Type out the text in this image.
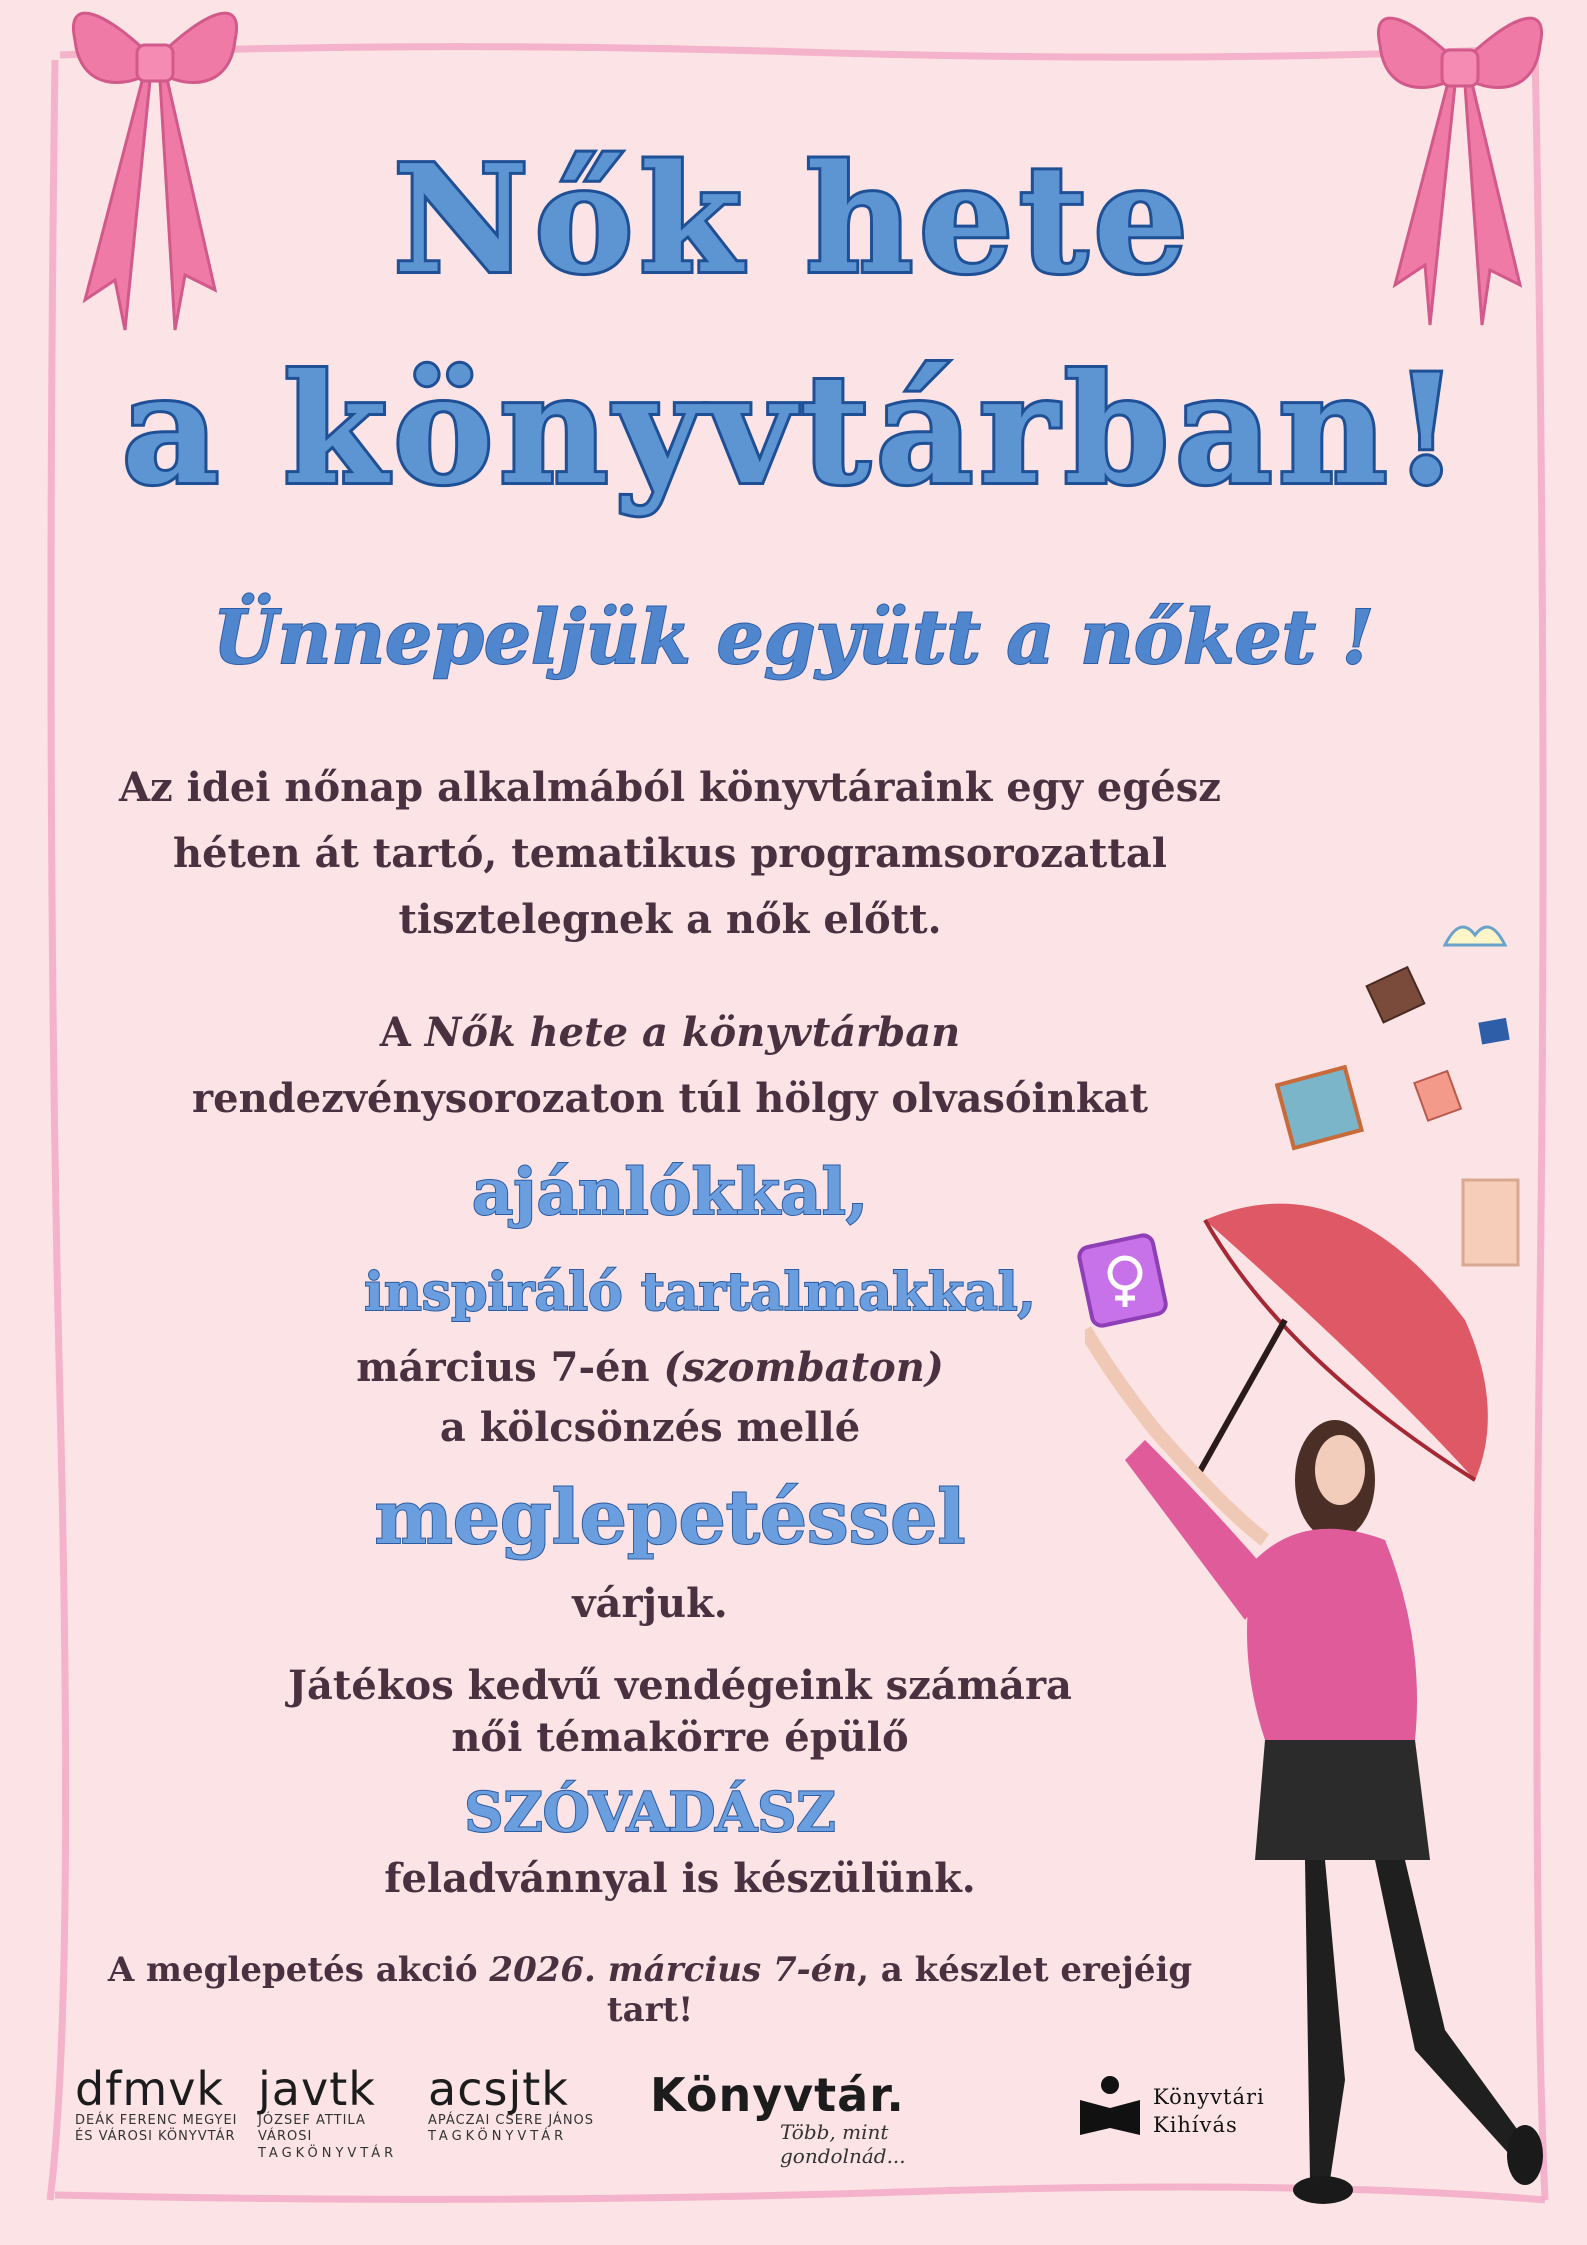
Nők hete
a könyvtárban!
Ünnepeljük együtt a nőket !
Az idei nőnap alkalmából könyvtáraink egy egész
héten át tartó, tematikus programsorozattal
tisztelegnek a nők előtt.
A Nők hete a könyvtárban
rendezvénysorozaton túl hölgy olvasóinkat
ajánlókkal,
inspiráló tartalmakkal,
március 7-én (szombaton)
a kölcsönzés mellé
meglepetéssel
várjuk.
Játékos kedvű vendégeink számára
női témakörre épülő
SZÓVADÁSZ
feladvánnyal is készülünk.
A meglepetés akció 2026. március 7-én, a készlet erejéig tart!
dfmvk
DEÁK FERENC MEGYEI
ÉS VÁROSI KÖNYVTÁR
javtk
JÓZSEF ATTILA VÁROSI
TAGKÖNYVTÁR
acsjtk
APÁCZAI CSERE JÁNOS
TAGKÖNYVTÁR
Könyvtár.
Több, mint gondolnád...
Könyvtári
Kihívás
